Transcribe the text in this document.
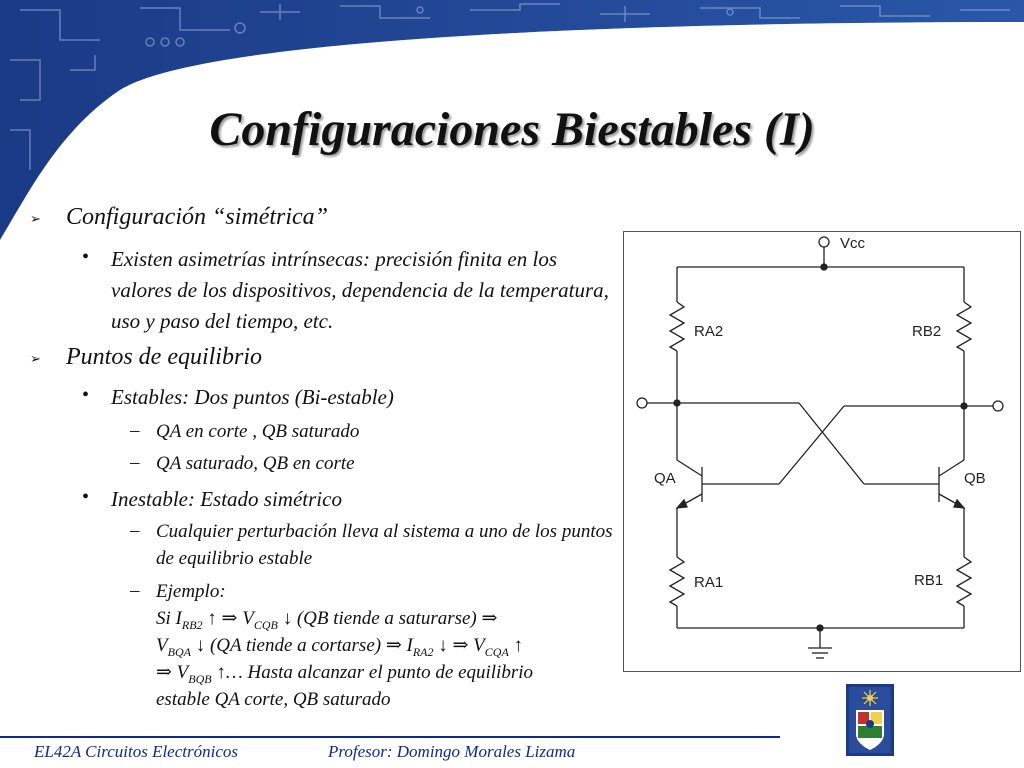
Configuraciones Biestables (I)
➢ Configuración “simétrica”
• Existen asimetrías intrínsecas: precisión finita en los valores de los dispositivos, dependencia de la temperatura, uso y paso del tiempo, etc.
➢ Puntos de equilibrio
• Estables: Dos puntos (Bi-estable)
– QA en corte , QB saturado
– QA saturado, QB en corte
• Inestable: Estado simétrico
– Cualquier perturbación lleva al sistema a uno de los puntos de equilibrio estable
– Ejemplo:
Si $I_{RB2}$ ↑ ⇒ $V_{CQB}$ ↓ (QB tiende a saturarse) ⇒
$V_{BQA}$ ↓ (QA tiende a cortarse) ⇒ $I_{RA2}$ ↓ ⇒ $V_{CQA}$ ↑
⇒ $V_{BQB}$ ↑… Hasta alcanzar el punto de equilibrio
estable QA corte, QB saturado
Vcc
RA2	RB2
QA	QB
RA1	RB1
EL42A Circuitos Electrónicos	Profesor: Domingo Morales Lizama
